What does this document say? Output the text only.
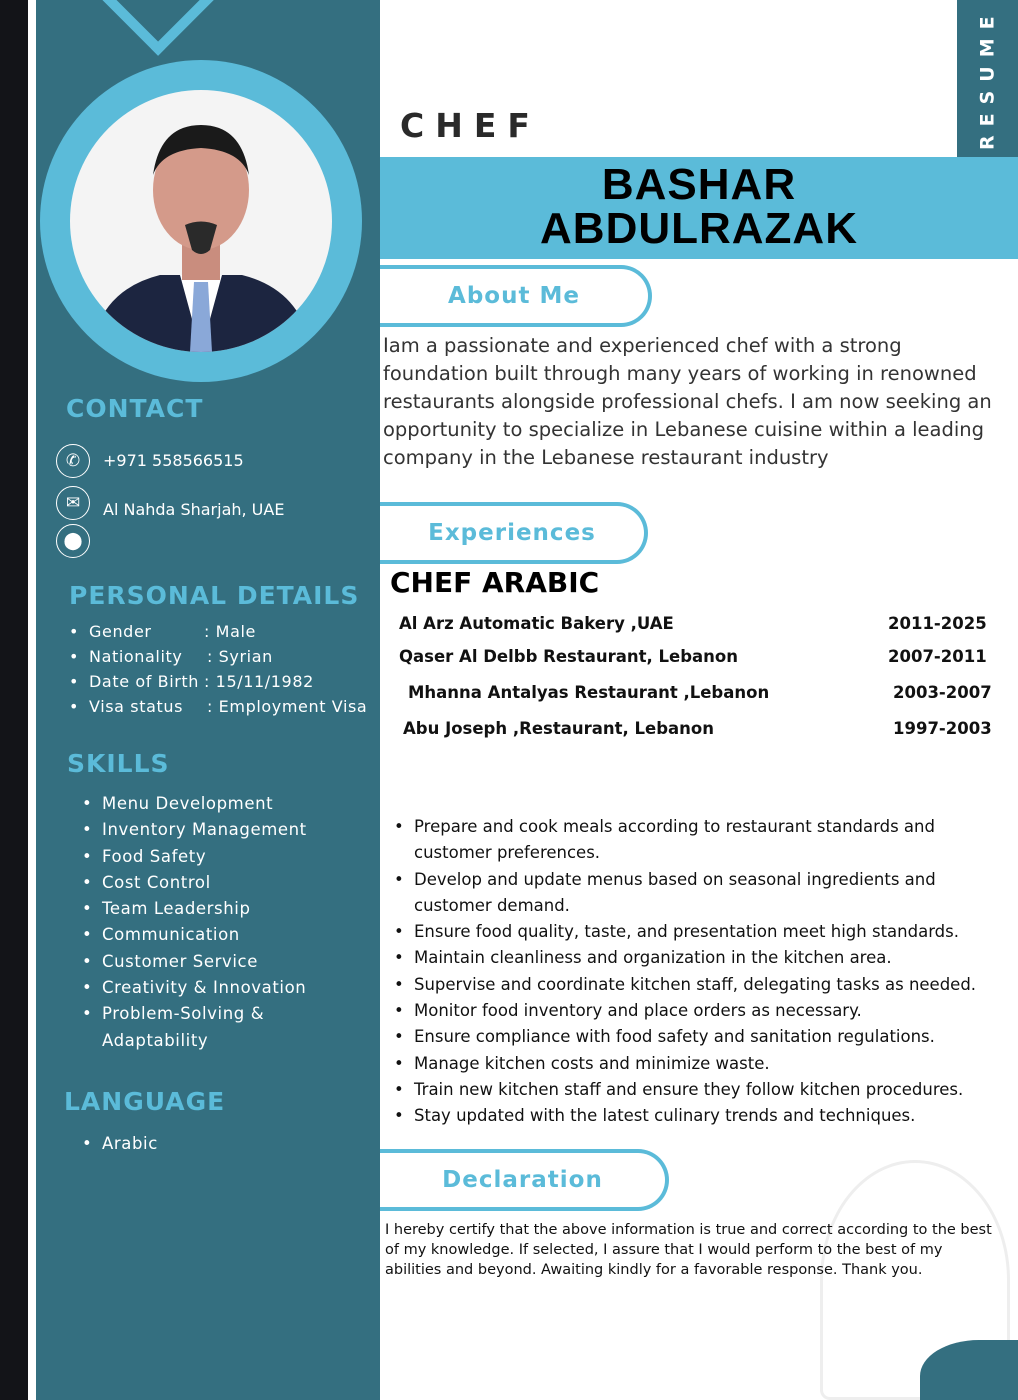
CONTACT
✆	+971 558566515
✉	Al Nahda Sharjah, UAE
⬤
PERSONAL DETAILS
• Gender	: Male
• Nationality : Syrian
• Date of Birth : 15/11/1982
• Visa status : Employment Visa
SKILLS
• Menu Development
• Inventory Management
• Food Safety
• Cost Control
• Team Leadership
• Communication
• Customer Service
• Creativity & Innovation
• Problem-Solving & Adaptability
LANGUAGE
• Arabic
RESUME
CHEF
BASHAR
ABDULRAZAK
About Me
Iam a passionate and experienced chef with a strong foundation built through many years of working in renowned restaurants alongside professional chefs. I am now seeking an opportunity to specialize in Lebanese cuisine within a leading company in the Lebanese restaurant industry
Experiences
CHEF ARABIC
Al Arz Automatic Bakery ,UAE	2011-2025
Qaser Al Delbb Restaurant, Lebanon	2007-2011
Mhanna Antalyas Restaurant ,Lebanon	2003-2007
Abu Joseph ,Restaurant, Lebanon	1997-2003
• Prepare and cook meals according to restaurant standards and customer preferences.
• Develop and update menus based on seasonal ingredients and customer demand.
• Ensure food quality, taste, and presentation meet high standards.
• Maintain cleanliness and organization in the kitchen area.
• Supervise and coordinate kitchen staff, delegating tasks as needed.
• Monitor food inventory and place orders as necessary.
• Ensure compliance with food safety and sanitation regulations.
• Manage kitchen costs and minimize waste.
• Train new kitchen staff and ensure they follow kitchen procedures.
• Stay updated with the latest culinary trends and techniques.
Declaration
I hereby certify that the above information is true and correct according to the best of my knowledge. If selected, I assure that I would perform to the best of my abilities and beyond. Awaiting kindly for a favorable response. Thank you.
